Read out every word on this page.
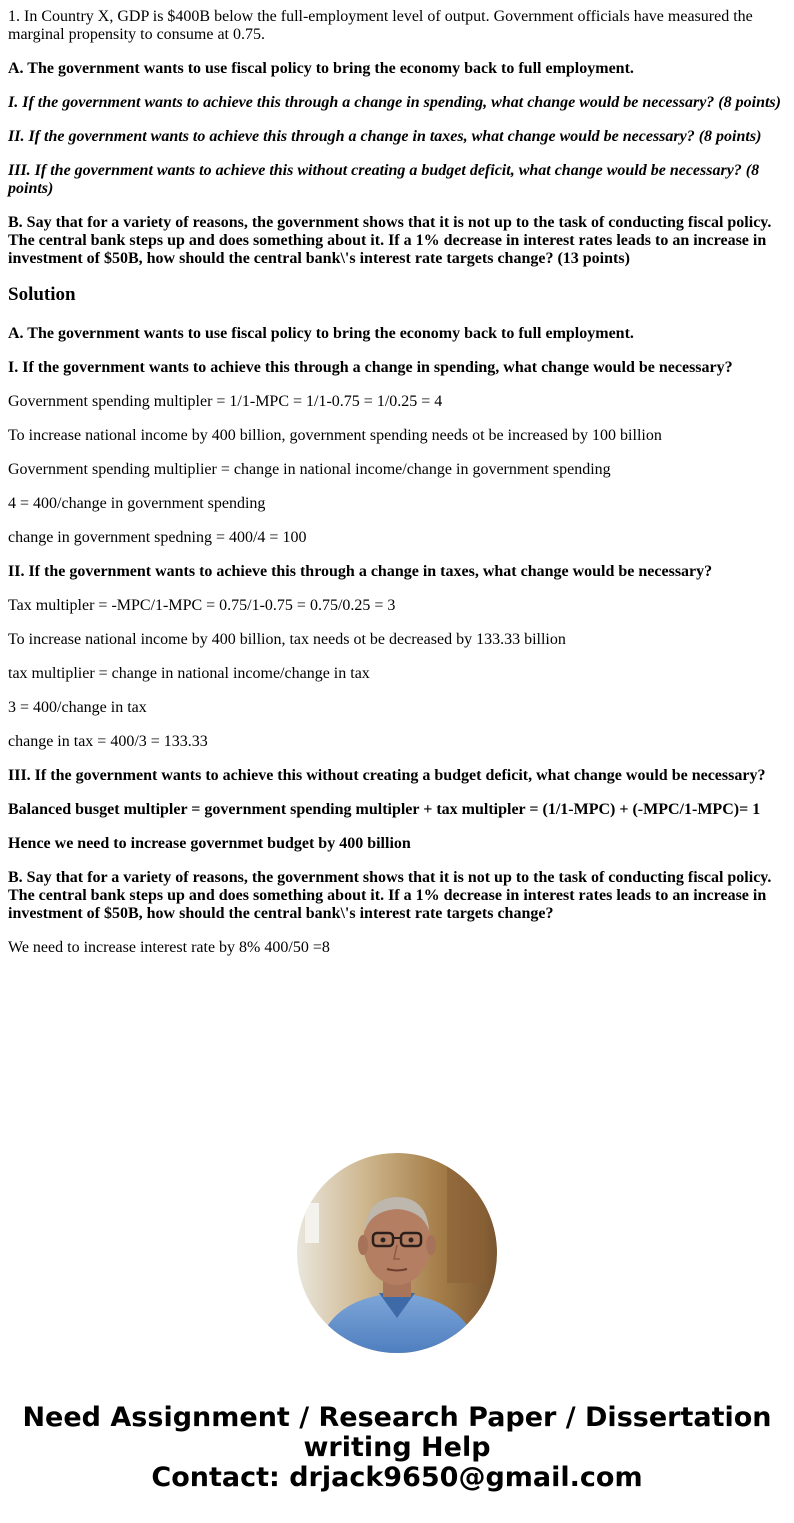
1. In Country X, GDP is $400B below the full-employment level of output. Government officials have measured the marginal propensity to consume at 0.75.

A. The government wants to use fiscal policy to bring the economy back to full employment.

I. If the government wants to achieve this through a change in spending, what change would be necessary? (8 points)

II. If the government wants to achieve this through a change in taxes, what change would be necessary? (8 points)

III. If the government wants to achieve this without creating a budget deficit, what change would be necessary? (8 points)

B. Say that for a variety of reasons, the government shows that it is not up to the task of conducting fiscal policy. The central bank steps up and does something about it. If a 1% decrease in interest rates leads to an increase in investment of $50B, how should the central bank\'s interest rate targets change? (13 points)

Solution

A. The government wants to use fiscal policy to bring the economy back to full employment.

I. If the government wants to achieve this through a change in spending, what change would be necessary?

Government spending multipler = 1/1-MPC = 1/1-0.75 = 1/0.25 = 4

To increase national income by 400 billion, government spending needs ot be increased by 100 billion

Government spending multiplier = change in national income/change in government spending

4 = 400/change in government spending

change in government spedning = 400/4 = 100

II. If the government wants to achieve this through a change in taxes, what change would be necessary?

Tax multipler = -MPC/1-MPC = 0.75/1-0.75 = 0.75/0.25 = 3

To increase national income by 400 billion, tax needs ot be decreased by 133.33 billion

tax multiplier = change in national income/change in tax

3 = 400/change in tax

change in tax = 400/3 = 133.33

III. If the government wants to achieve this without creating a budget deficit, what change would be necessary?

Balanced busget multipler = government spending multipler + tax multipler = (1/1-MPC) + (-MPC/1-MPC)= 1

Hence we need to increase governmet budget by 400 billion

B. Say that for a variety of reasons, the government shows that it is not up to the task of conducting fiscal policy. The central bank steps up and does something about it. If a 1% decrease in interest rates leads to an increase in investment of $50B, how should the central bank\'s interest rate targets change?

We need to increase interest rate by 8% 400/50 =8

Need Assignment / Research Paper / Dissertation
writing Help
Contact: drjack9650@gmail.com
